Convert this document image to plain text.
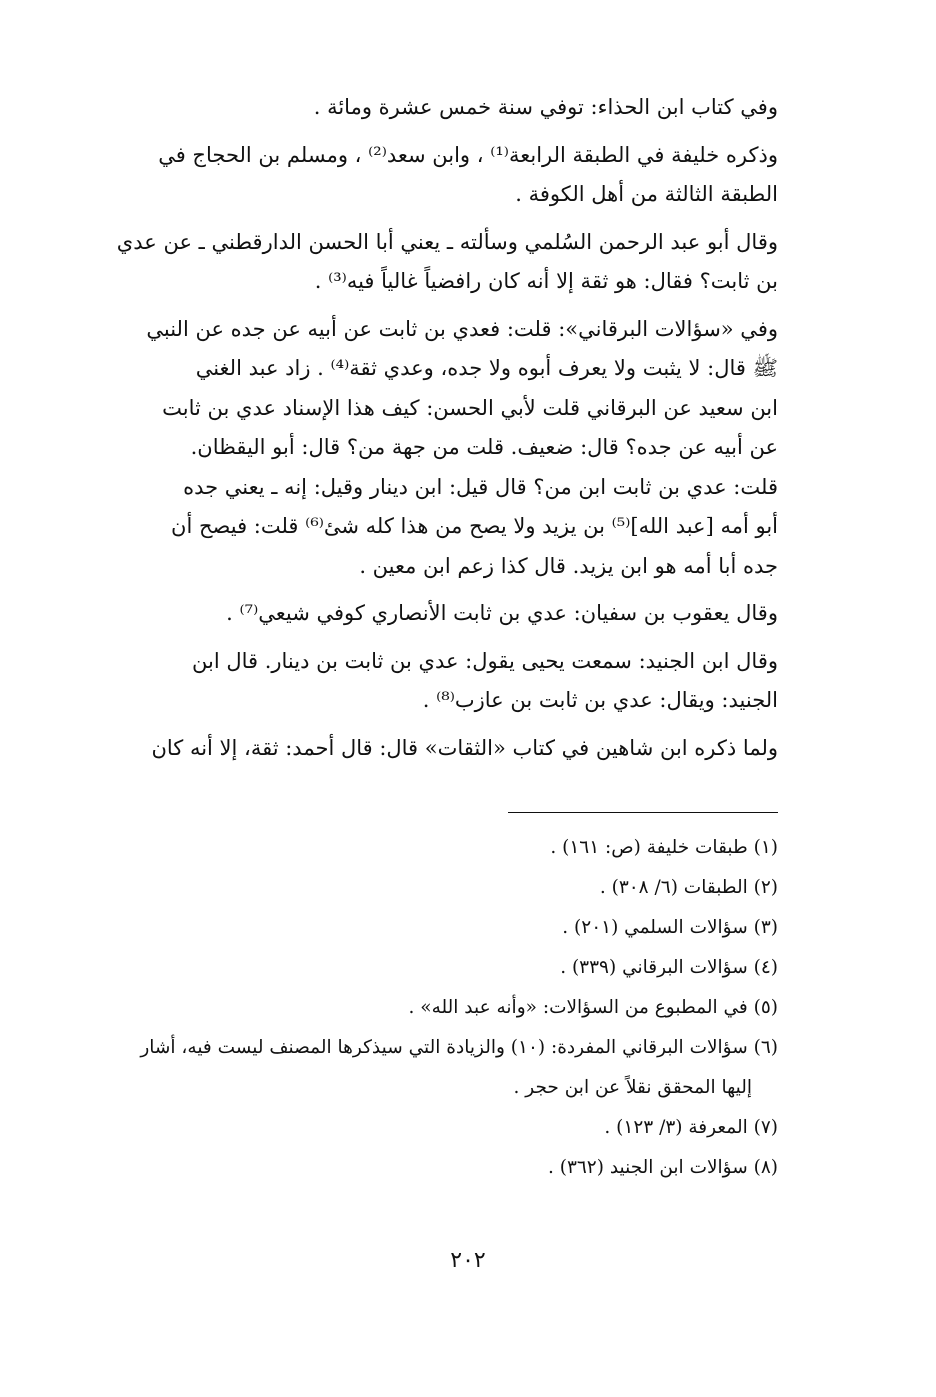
وفي كتاب ابن الحذاء: توفي سنة خمس عشرة ومائة .

وذكره خليفة في الطبقة الرابعة⁽¹⁾ ، وابن سعد⁽²⁾ ، ومسلم بن الحجاج في
الطبقة الثالثة من أهل الكوفة .

وقال أبو عبد الرحمن السُلمي وسألته ـ يعني أبا الحسن الدارقطني ـ عن عدي
بن ثابت؟ فقال: هو ثقة إلا أنه كان رافضياً غالياً فيه⁽³⁾ .

وفي «سؤالات البرقاني»: قلت: فعدي بن ثابت عن أبيه عن جده عن النبي
ﷺ قال: لا يثبت ولا يعرف أبوه ولا جده، وعدي ثقة⁽⁴⁾ . زاد عبد الغني
ابن سعيد عن البرقاني قلت لأبي الحسن: كيف هذا الإسناد عدي بن ثابت
عن أبيه عن جده؟ قال: ضعيف. قلت من جهة من؟ قال: أبو اليقظان.
قلت: عدي بن ثابت ابن من؟ قال قيل: ابن دينار وقيل: إنه ـ يعني جده
أبو أمه [عبد الله]⁽⁵⁾ بن يزيد ولا يصح من هذا كله شئ⁽⁶⁾ قلت: فيصح أن
جده أبا أمه هو ابن يزيد. قال كذا زعم ابن معين .

وقال يعقوب بن سفيان: عدي بن ثابت الأنصاري كوفي شيعي⁽⁷⁾ .

وقال ابن الجنيد: سمعت يحيى يقول: عدي بن ثابت بن دينار. قال ابن
الجنيد: ويقال: عدي بن ثابت بن عازب⁽⁸⁾ .

ولما ذكره ابن شاهين في كتاب «الثقات» قال: قال أحمد: ثقة، إلا أنه كان

(١) طبقات خليفة (ص: ١٦١) .
(٢) الطبقات (٦/ ٣٠٨) .
(٣) سؤالات السلمي (٢٠١) .
(٤) سؤالات البرقاني (٣٣٩) .
(٥) في المطبوع من السؤالات: «وأنه عبد الله» .
(٦) سؤالات البرقاني المفردة: (١٠) والزيادة التي سيذكرها المصنف ليست فيه، أشار
إليها المحقق نقلاً عن ابن حجر .
(٧) المعرفة (٣/ ١٢٣) .
(٨) سؤالات ابن الجنيد (٣٦٢) .
٢٠٢
